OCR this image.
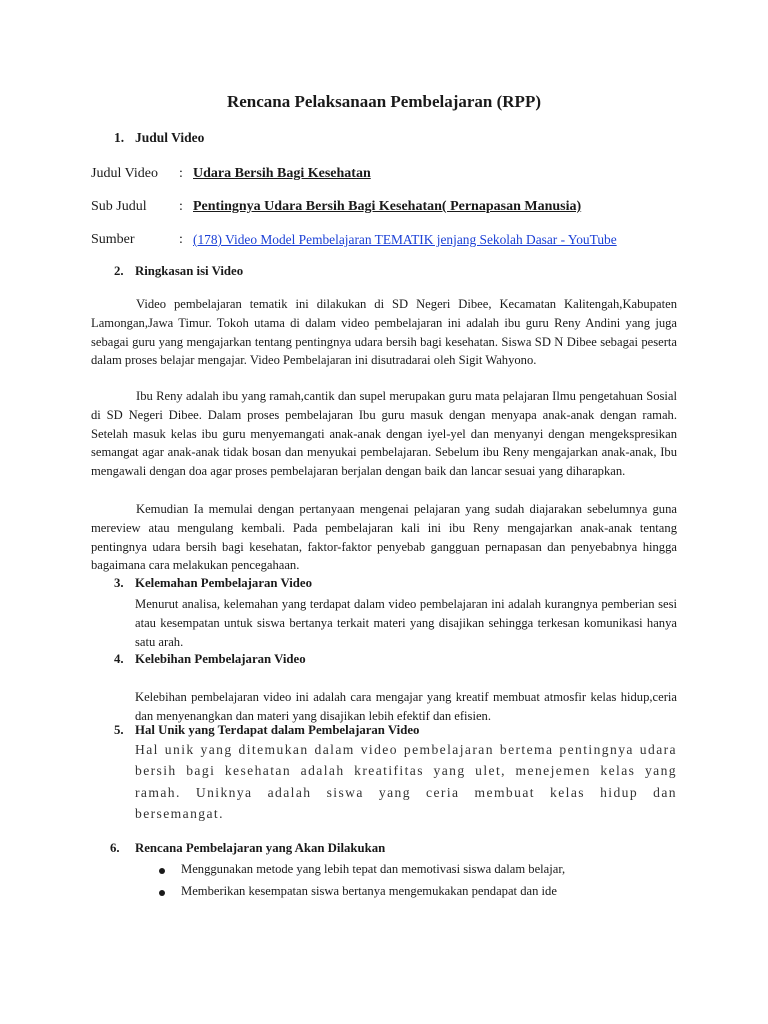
Rencana Pelaksanaan Pembelajaran (RPP)
1. Judul Video
Judul Video : Udara Bersih Bagi Kesehatan
Sub Judul : Pentingnya Udara Bersih Bagi Kesehatan( Pernapasan Manusia)
Sumber	: (178) Video Model Pembelajaran TEMATIK jenjang Sekolah Dasar - YouTube
2. Ringkasan isi Video
Video pembelajaran tematik ini dilakukan di SD Negeri Dibee, Kecamatan Kalitengah,Kabupaten Lamongan,Jawa Timur. Tokoh utama di dalam video pembelajaran ini adalah ibu guru Reny Andini yang juga sebagai guru yang mengajarkan tentang pentingnya udara bersih bagi kesehatan. Siswa SD N Dibee sebagai peserta dalam proses belajar mengajar. Video Pembelajaran ini disutradarai oleh Sigit Wahyono.
Ibu Reny adalah ibu yang ramah,cantik dan supel merupakan guru mata pelajaran Ilmu pengetahuan Sosial di SD Negeri Dibee. Dalam proses pembelajaran Ibu guru masuk dengan menyapa anak-anak dengan ramah. Setelah masuk kelas ibu guru menyemangati anak-anak dengan iyel-yel dan menyanyi dengan mengekspresikan semangat agar anak-anak tidak bosan dan menyukai pembelajaran. Sebelum ibu Reny mengajarkan anak-anak, Ibu mengawali dengan doa agar proses pembelajaran berjalan dengan baik dan lancar sesuai yang diharapkan.
Kemudian Ia memulai dengan pertanyaan mengenai pelajaran yang sudah diajarakan sebelumnya guna mereview atau mengulang kembali. Pada pembelajaran kali ini ibu Reny mengajarkan anak-anak tentang pentingnya udara bersih bagi kesehatan, faktor-faktor penyebab gangguan pernapasan dan penyebabnya hingga bagaimana cara melakukan pencegahaan.
3. Kelemahan Pembelajaran Video
Menurut analisa, kelemahan yang terdapat dalam video pembelajaran ini adalah kurangnya pemberian sesi atau kesempatan untuk siswa bertanya terkait materi yang disajikan sehingga terkesan komunikasi hanya satu arah.
4. Kelebihan Pembelajaran Video
Kelebihan pembelajaran video ini adalah cara mengajar yang kreatif membuat atmosfir kelas hidup,ceria dan menyenangkan dan materi yang disajikan lebih efektif dan efisien.
5. Hal Unik yang Terdapat dalam Pembelajaran Video
Hal unik yang ditemukan dalam video pembelajaran bertema pentingnya udara bersih bagi kesehatan adalah kreatifitas yang ulet, menejemen kelas yang ramah. Uniknya adalah siswa yang ceria membuat kelas hidup dan bersemangat.
6. Rencana Pembelajaran yang Akan Dilakukan
Menggunakan metode yang lebih tepat dan memotivasi siswa dalam belajar,
Memberikan kesempatan siswa bertanya mengemukakan pendapat dan ide
